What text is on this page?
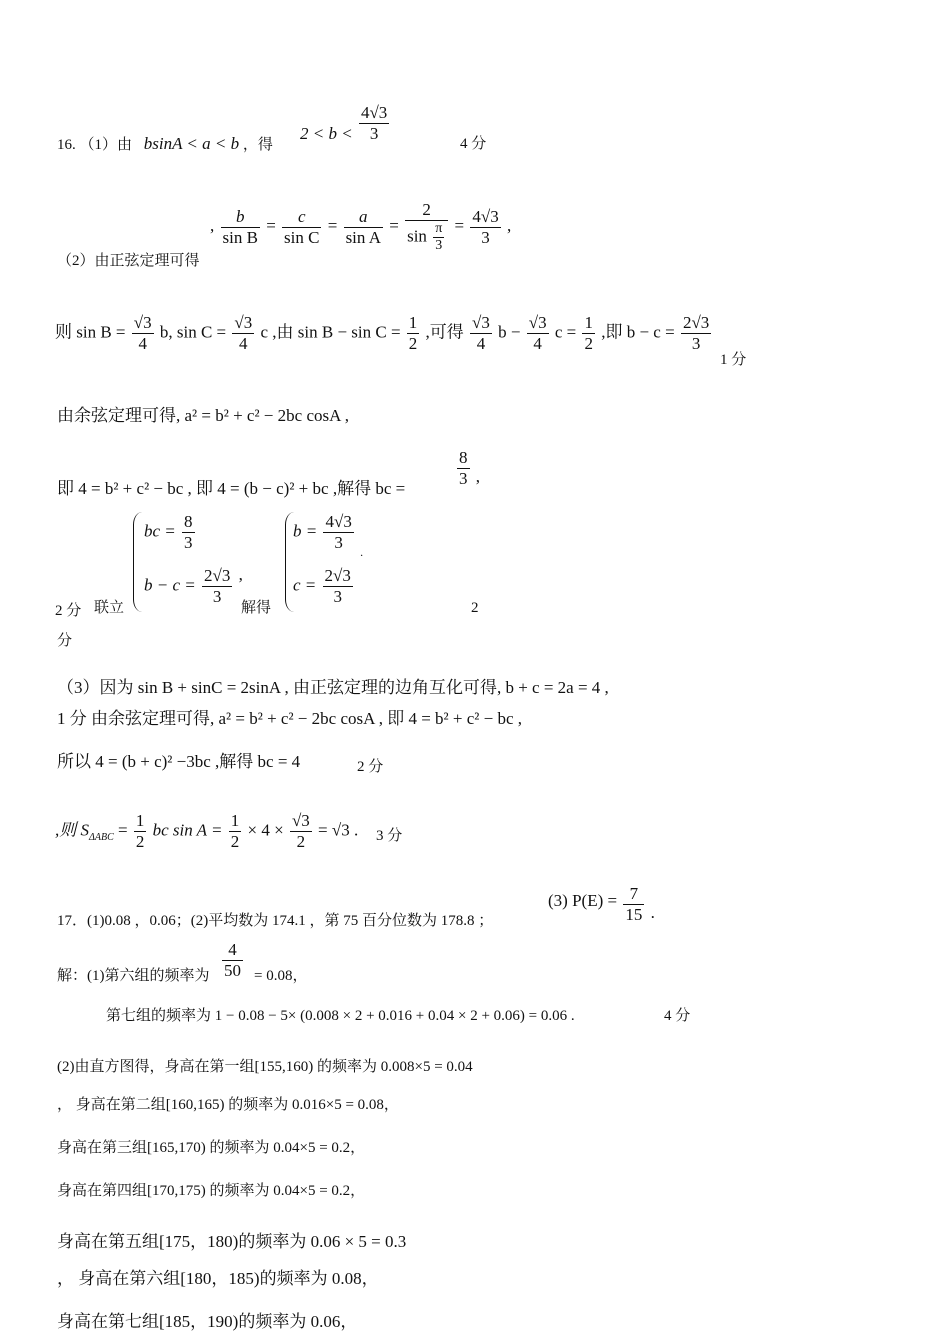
16. （1）由 bsinA < a < b ，得
$2 < b < \frac{4√3}{3}$	4 分
, $\frac{b}{\text{sin B}} = \frac{c}{\text{sin C}} = \frac{a}{\text{sin A}} = \frac{2}{\sin \frac{\pi}{3}} = \frac{4√3}{3}$ ,
（2）由正弦定理可得
则 $\sin B = \frac{√3}{4} b$, $\sin C = \frac{√3}{4}$ c ,由 $\sin B - \sin C = \frac{1}{2}$ ,可得 $\frac{√3}{4}$ $b - \frac{√3}{4}$ $c = \frac{1}{2}$ ,即 $b - c = \frac{2√3}{3}$
1 分
由余弦定理可得, a² = b² + c² − 2bc cosA ,
即 4 = b² + c² − bc , 即 4 = (b − c)² + bc ,解得 bc =	$\frac{8}{3}$ ,
2 分 联立
bc = $\frac{8}{3}$
$b - c = \frac{2√3}{3}$ ,
解得
$b = \frac{4√3}{3} _.$
$c = \frac{2√3}{3}$
2
分
（3）因为 sin B + sinC = 2sinA , 由正弦定理的边角互化可得, b + c = 2a = 4 ,
1 分 由余弦定理可得, a² = b² + c² − 2bc cosA , 即 4 = b² + c² − bc ,
所以 4 = (b + c)² −3bc ,解得 bc = 4	2 分
,则 $S_{\Delta ABC} = \frac{1}{2}$ bc $\sin A = \frac{1}{2} \times 4 \times \frac{√3}{2} = √3$ . 3 分
17．(1)0.08 ，0.06；(2)平均数为 174.1 ，第 75 百分位数为 178.8 ；
(3) $P(E) = \frac{7}{15}$ .
解：(1)第六组的频率为 $\frac{4}{50} = 0.08$，
第七组的频率为 1 − 0.08 − 5× (0.008 × 2 + 0.016 + 0.04 × 2 + 0.06) = 0.06 .	4 分
(2)由直方图得，身高在第一组[155,160) 的频率为 0.008×5 = 0.04
， 身高在第二组[160,165) 的频率为 0.016×5 = 0.08，
身高在第三组[165,170) 的频率为 0.04×5 = 0.2，
身高在第四组[170,175) 的频率为 0.04×5 = 0.2，
身高在第五组[175，180)的频率为 0.06 × 5 = 0.3
， 身高在第六组[180，185)的频率为 0.08，
身高在第七组[185，190)的频率为 0.06，
